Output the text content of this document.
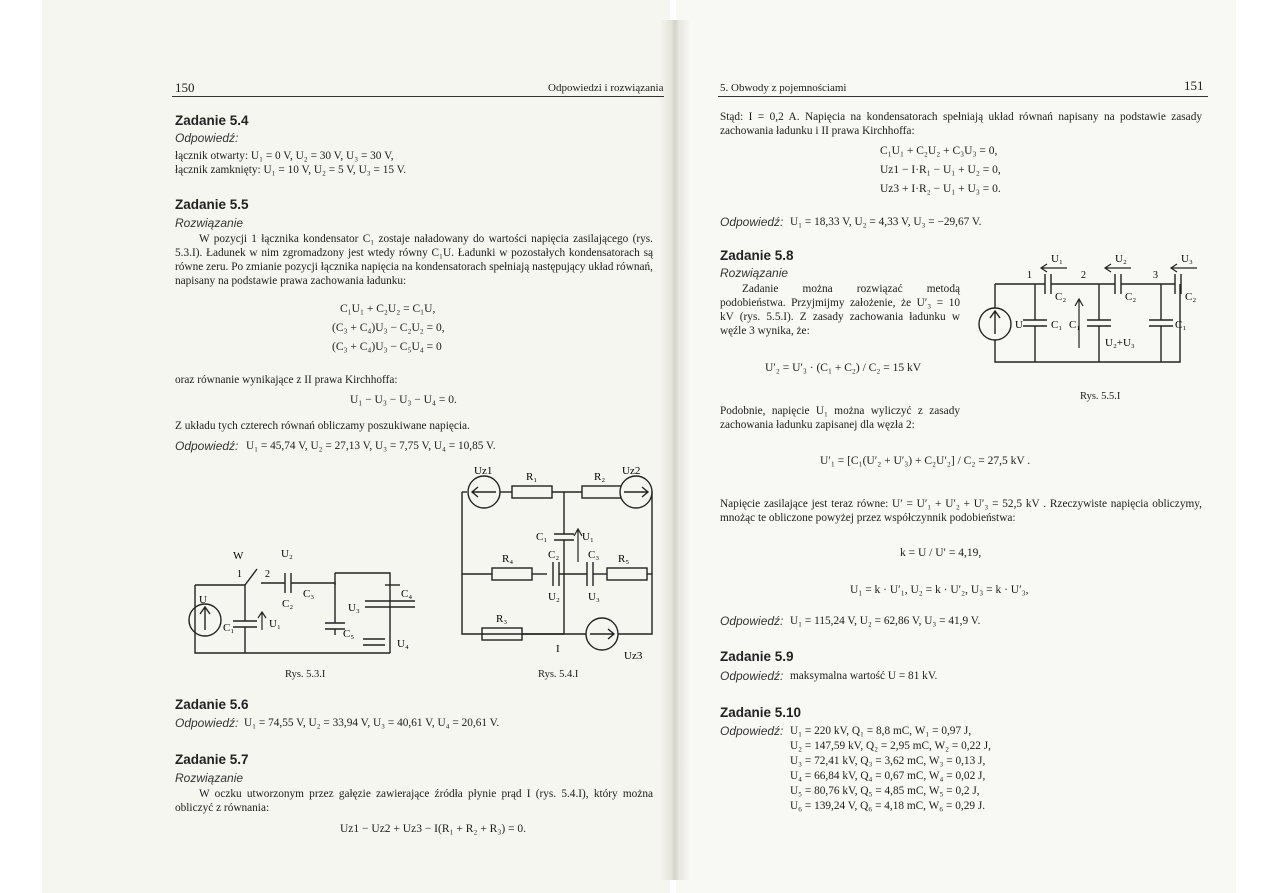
150	Odpowiedzi i rozwiązania
Zadanie 5.4
Odpowiedź:
łącznik otwarty: U₁ = 0 V, U₂ = 30 V, U₃ = 30 V,
łącznik zamknięty: U₁ = 10 V, U₂ = 5 V, U₃ = 15 V.
Zadanie 5.5
Rozwiązanie
W pozycji 1 łącznika kondensator C₁ zostaje naładowany do wartości napięcia zasilającego (rys. 5.3.I). Ładunek w nim zgromadzony jest wtedy równy C₁U. Ładunki w pozostałych kondensatorach są równe zeru. Po zmianie pozycji łącznika napięcia na kondensatorach spełniają następujący układ równań, napisany na podstawie prawa zachowania ładunku:
C₁U₁ + C₂U₂ = C₁U,
(C₃ + C₄)U₃ − C₂U₂ = 0,
(C₃ + C₄)U₃ − C₅U₄ = 0
oraz równanie wynikające z II prawa Kirchhoffa:
U₁ − U₃ − U₃ − U₄ = 0.
Z układu tych czterech równań obliczamy poszukiwane napięcia.
Odpowiedź: U₁ = 45,74 V, U₂ = 27,13 V, U₃ = 7,75 V, U₄ = 10,85 V.
W
1 2
U
C₁	U₁
U₂
C₂
C₃
U₃
C₄
C₅
U₄
Rys. 5.3.I
Uz1	Uz2
Uz3
R₁	R₂
R₃
R₄	R₅
C₁	U₁
C₂	C₃
U₂	U₃
I
Rys. 5.4.I
Zadanie 5.6
Odpowiedź: U₁ = 74,55 V, U₂ = 33,94 V, U₃ = 40,61 V, U₄ = 20,61 V.
Zadanie 5.7
Rozwiązanie
W oczku utworzonym przez gałęzie zawierające źródła płynie prąd I (rys. 5.4.I), który można obliczyć z równania:
Uz1 − Uz2 + Uz3 − I(R₁ + R₂ + R₃) = 0.
5. Obwody z pojemnościami	151
Stąd: I = 0,2 A. Napięcia na kondensatorach spełniają układ równań napisany na podstawie zasady zachowania ładunku i II prawa Kirchhoffa:
C₁U₁ + C₂U₂ + C₃U₃ = 0,
Uz1 − I·R₁ − U₁ + U₂ = 0,
Uz3 + I·R₂ − U₁ + U₃ = 0.
Odpowiedź: U₁ = 18,33 V, U₂ = 4,33 V, U₃ = −29,67 V.
Zadanie 5.8
Rozwiązanie
Zadanie można rozwiązać metodą podobieństwa. Przyjmijmy założenie, że U′₃ = 10 kV (rys. 5.5.I). Z zasady zachowania ładunku w węźle 3 wynika, że:
U′₂ = U′₃ · (C₁ + C₂) / C₂ = 15 kV
U₁	U₂	U₃
1	2	3
C₂	C₂	C₂
U	C₁ C₁	C₁
U₂+U₃
Rys. 5.5.I
Podobnie, napięcie U₁ można wyliczyć z zasady zachowania ładunku zapisanej dla węzła 2:
U′₁ = [C₁(U′₂ + U′₃) + C₂U′₂] / C₂ = 27,5 kV .
Napięcie zasilające jest teraz równe: U′ = U′₁ + U′₂ + U′₃ = 52,5 kV . Rzeczywiste napięcia obliczymy, mnożąc te obliczone powyżej przez współczynnik podobieństwa:
k = U / U′ = 4,19,
U₁ = k · U′₁, U₂ = k · U′₂, U₃ = k · U′₃,
Odpowiedź: U₁ = 115,24 V, U₂ = 62,86 V, U₃ = 41,9 V.
Zadanie 5.9
Odpowiedź: maksymalna wartość U = 81 kV.
Zadanie 5.10
Odpowiedź: U₁ = 220 kV, Q₁ = 8,8 mC, W₁ = 0,97 J,
U₂ = 147,59 kV, Q₂ = 2,95 mC, W₂ = 0,22 J,
U₃ = 72,41 kV, Q₃ = 3,62 mC, W₃ = 0,13 J,
U₄ = 66,84 kV, Q₄ = 0,67 mC, W₄ = 0,02 J,
U₅ = 80,76 kV, Q₅ = 4,85 mC, W₅ = 0,2 J,
U₆ = 139,24 V, Q₆ = 4,18 mC, W₆ = 0,29 J.
